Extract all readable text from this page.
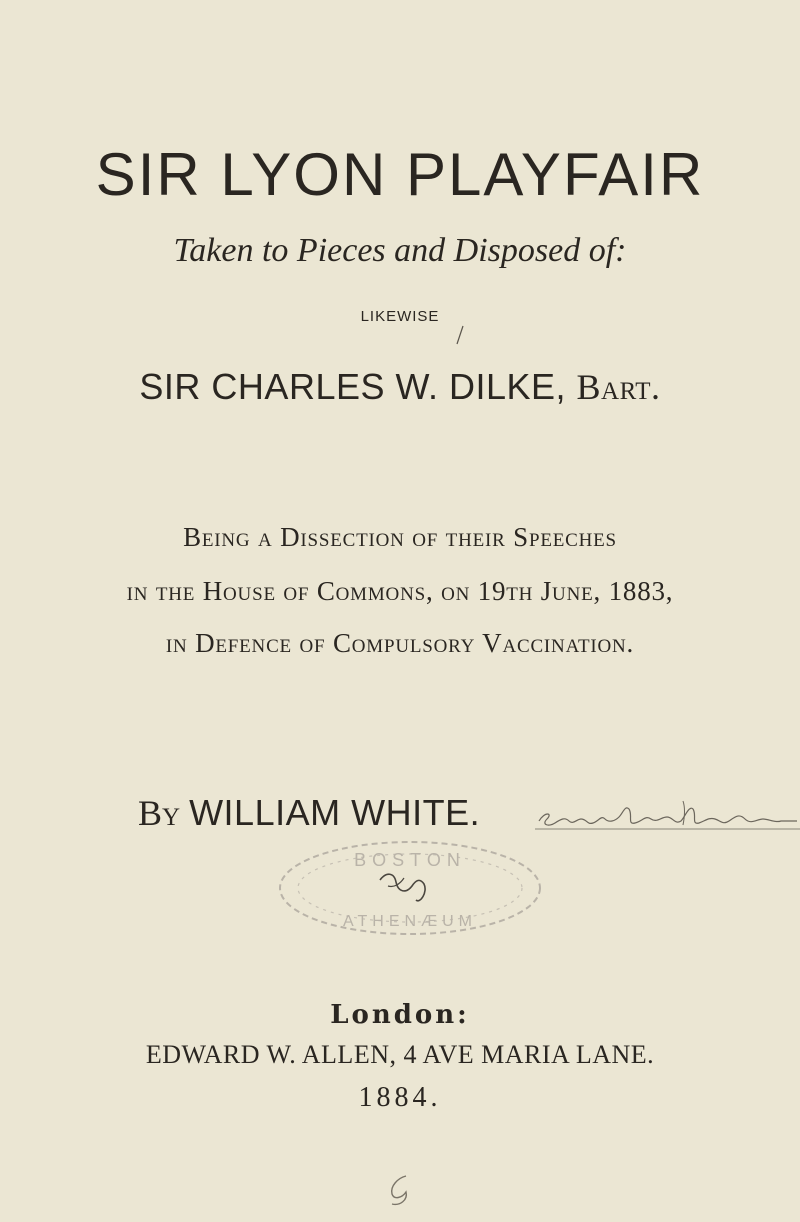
SIR LYON PLAYFAIR
Taken to Pieces and Disposed of:
LIKEWISE
SIR CHARLES W. DILKE, Bart.
Being a Dissection of their Speeches
in the House of Commons, on 19th June, 1883,
in Defence of Compulsory Vaccination.
By WILLIAM WHITE.
BOSTON
ATHENÆUM
London:
EDWARD W. ALLEN, 4 AVE MARIA LANE.
1884.
